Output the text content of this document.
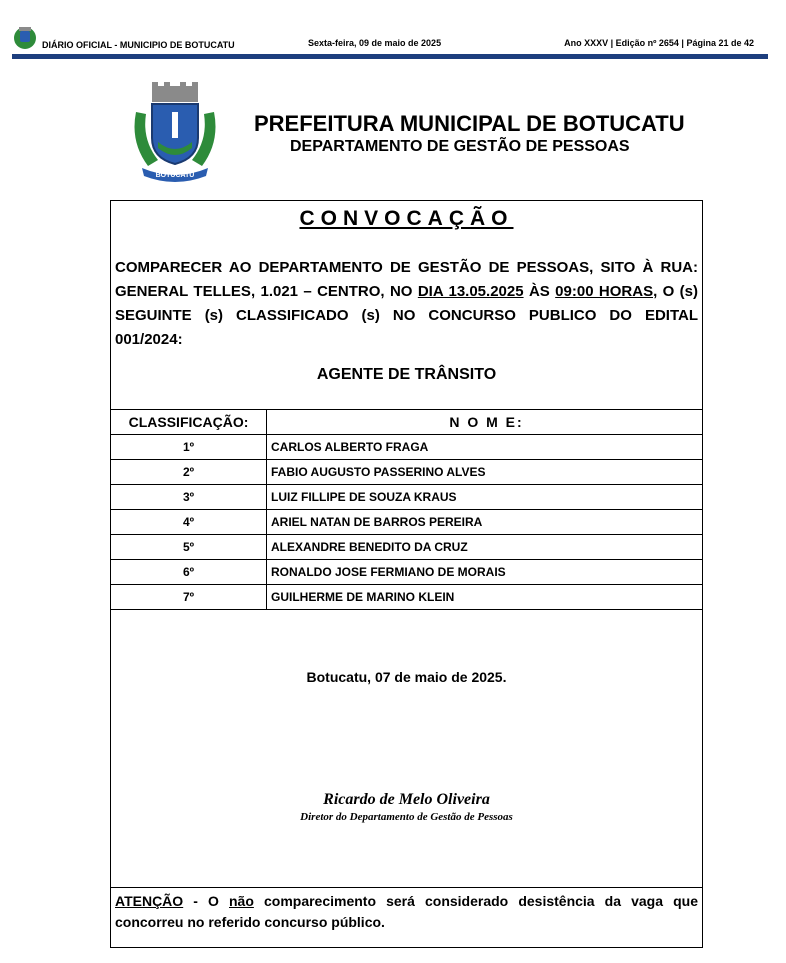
DIÁRIO OFICIAL - MUNICIPIO DE BOTUCATU	Sexta-feira, 09 de maio de 2025	Ano XXXV | Edição nº 2654 | Página 21 de 42
BOTUCATU
PREFEITURA MUNICIPAL DE BOTUCATU
DEPARTAMENTO DE GESTÃO DE PESSOAS
CONVOCAÇÃO

COMPARECER AO DEPARTAMENTO DE GESTÃO DE PESSOAS, SITO À RUA: GENERAL TELLES, 1.021 – CENTRO, NO DIA 13.05.2025 ÀS 09:00 HORAS, O (s) SEGUINTE (s) CLASSIFICADO (s) NO CONCURSO PUBLICO DO EDITAL 001/2024:

AGENTE DE TRÂNSITO
CLASSIFICAÇÃO:	N O M E:
1º	CARLOS ALBERTO FRAGA
2º	FABIO AUGUSTO PASSERINO ALVES
3º	LUIZ FILLIPE DE SOUZA KRAUS
4º	ARIEL NATAN DE BARROS PEREIRA
5º	ALEXANDRE BENEDITO DA CRUZ
6º	RONALDO JOSE FERMIANO DE MORAIS
7º	GUILHERME DE MARINO KLEIN
Botucatu, 07 de maio de 2025.
Ricardo de Melo Oliveira
Diretor do Departamento de Gestão de Pessoas

ATENÇÃO - O não comparecimento será considerado desistência da vaga que concorreu no referido concurso público.
